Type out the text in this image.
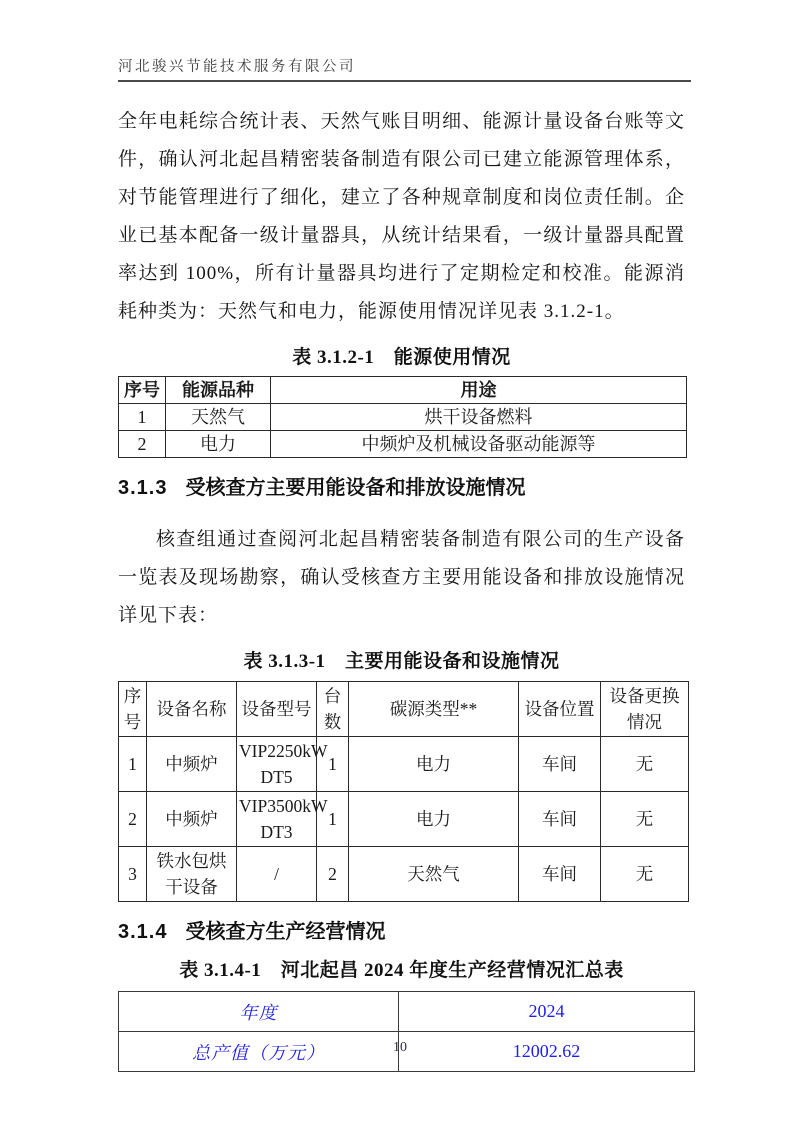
河北骏兴节能技术服务有限公司

全年电耗综合统计表、天然气账目明细、能源计量设备台账等文件，确认河北起昌精密装备制造有限公司已建立能源管理体系，对节能管理进行了细化，建立了各种规章制度和岗位责任制。企业已基本配备一级计量器具，从统计结果看，一级计量器具配置率达到 100%，所有计量器具均进行了定期检定和校准。能源消耗种类为：天然气和电力，能源使用情况详见表 3.1.2-1。

表 3.1.2-1　能源使用情况
序号	能源品种	用途
1	天然气	烘干设备燃料
2	电力	中频炉及机械设备驱动能源等
3.1.3 受核查方主要用能设备和排放设施情况

核查组通过查阅河北起昌精密装备制造有限公司的生产设备一览表及现场勘察，确认受核查方主要用能设备和排放设施情况详见下表：

表 3.1.3-1　主要用能设备和设施情况
序号	设备名称	设备型号	台数	碳源类型**	设备位置	设备更换情况
1	中频炉	VIP2250kW DT5	1	电力	车间	无
2	中频炉	VIP3500kW DT3	1	电力	车间	无
3	铁水包烘干设备	/	2	天然气	车间	无
3.1.4 受核查方生产经营情况
表 3.1.4-1　河北起昌 2024 年度生产经营情况汇总表
年度	2024
总产值（万元）	12002.62
10
